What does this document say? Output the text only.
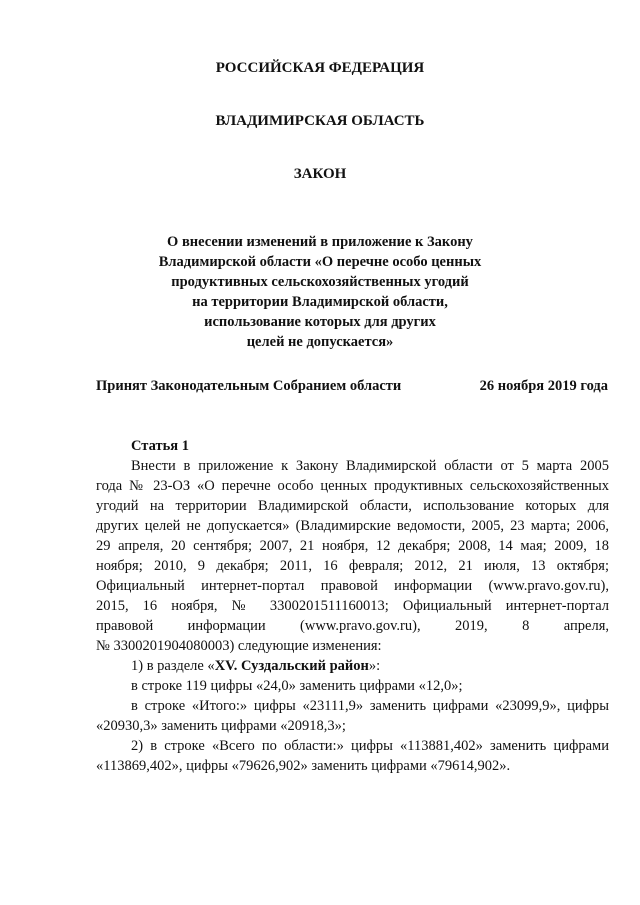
РОССИЙСКАЯ ФЕДЕРАЦИЯ
ВЛАДИМИРСКАЯ ОБЛАСТЬ
ЗАКОН
О внесении изменений в приложение к Закону
Владимирской области «О перечне особо ценных
продуктивных сельскохозяйственных угодий
на территории Владимирской области,
использование которых для других
целей не допускается»
Принят Законодательным Собранием области	26 ноября 2019 года
Статья 1
Внести в приложение к Закону Владимирской области от 5 марта 2005
года № 23-ОЗ «О перечне особо ценных продуктивных сельскохозяйственных
угодий на территории Владимирской области, использование которых для
других целей не допускается» (Владимирские ведомости, 2005, 23 марта; 2006,
29 апреля, 20 сентября; 2007, 21 ноября, 12 декабря; 2008, 14 мая; 2009, 18
ноября; 2010, 9 декабря; 2011, 16 февраля; 2012, 21 июля, 13 октября;
Официальный интернет-портал правовой информации (www.pravo.gov.ru),
2015, 16 ноября, № 3300201511160013; Официальный интернет-портал
правовой информации (www.pravo.gov.ru), 2019, 8 апреля,
№ 3300201904080003) следующие изменения:
1) в разделе «XV. Суздальский район»:
в строке 119 цифры «24,0» заменить цифрами «12,0»;
в строке «Итого:» цифры «23111,9» заменить цифрами «23099,9», цифры
«20930,3» заменить цифрами «20918,3»;
2) в строке «Всего по области:» цифры «113881,402» заменить цифрами
«113869,402», цифры «79626,902» заменить цифрами «79614,902».
